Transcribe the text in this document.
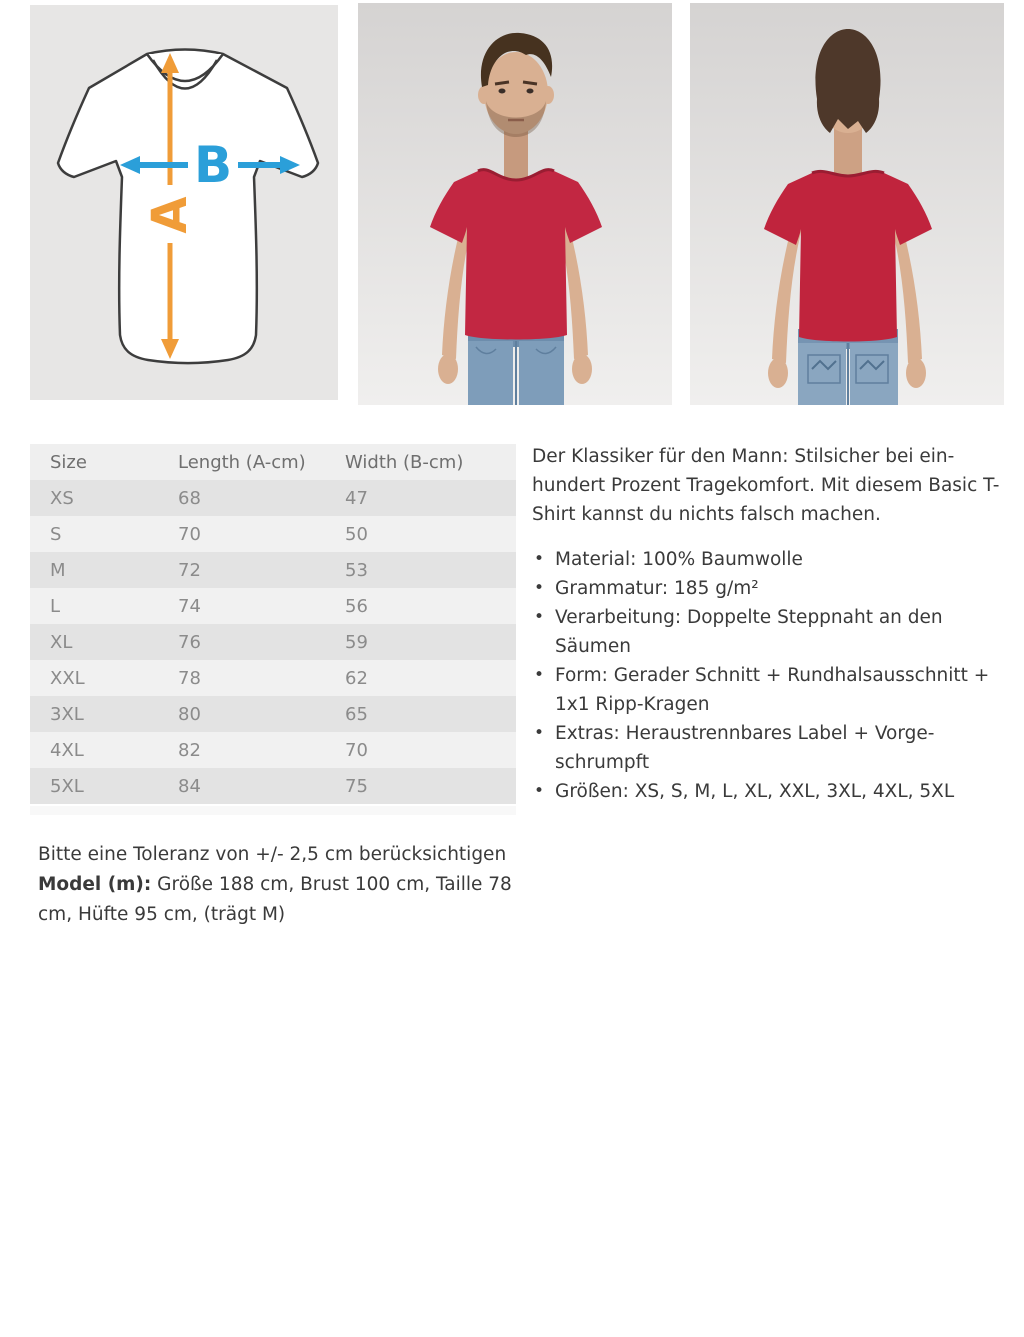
A
B
Size	Length (A-cm)	Width (B-cm)
XS	68	47
S	70	50
M	72	53
L	74	56
XL	76	59
XXL	78	62
3XL	80	65
4XL	82	70
5XL	84	75

Der Klassiker für den Mann: Stilsicher bei einhundert Prozent Tragekomfort. Mit diesem Basic T-Shirt kannst du nichts falsch machen.

• Material: 100% Baumwolle
• Grammatur: 185 g/m²
• Verarbeitung: Doppelte Steppnaht an den Säumen
• Form: Gerader Schnitt + Rundhalsausschnitt + 1x1 Ripp-Kragen
• Extras: Heraustrennbares Label + Vorgeschrumpft
• Größen: XS, S, M, L, XL, XXL, 3XL, 4XL, 5XL
Bitte eine Toleranz von +/- 2,5 cm berücksichtigen
Model (m): Größe 188 cm, Brust 100 cm, Taille 78 cm, Hüfte 95 cm, (trägt M)
